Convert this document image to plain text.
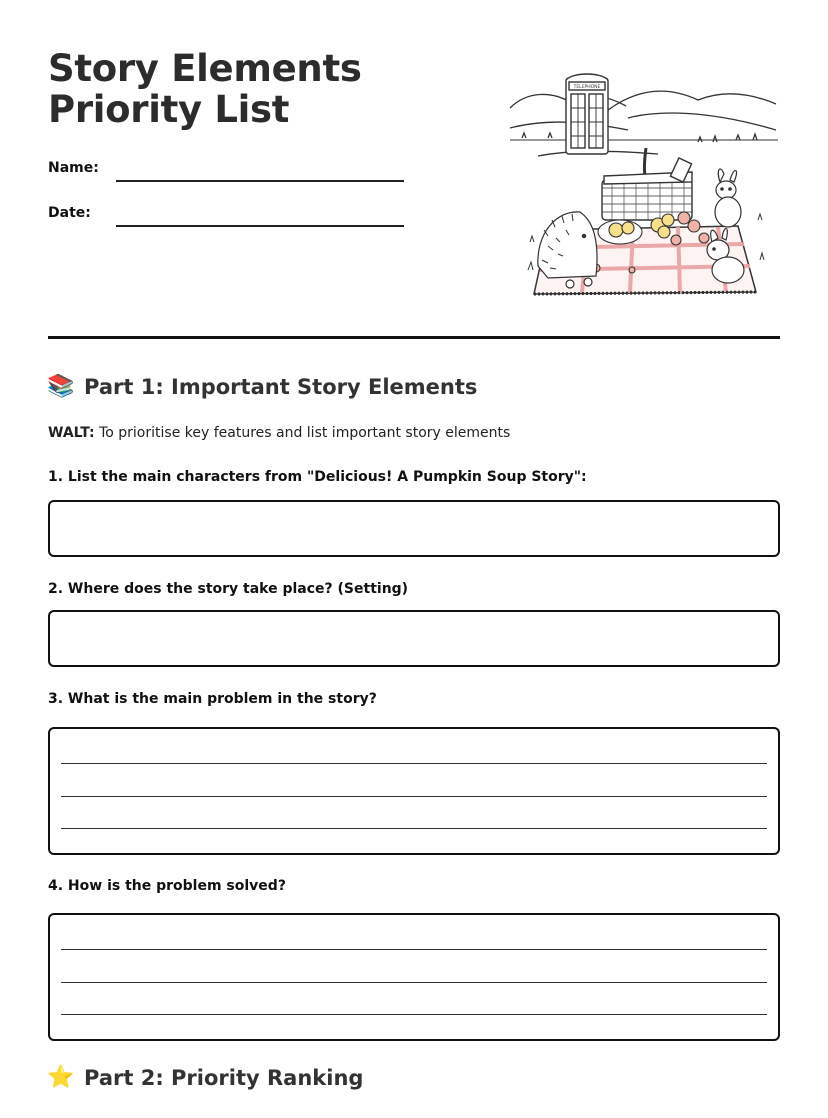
Story Elements Priority List
Name:
Date:
TELEPHONE
📚 Part 1: Important Story Elements
WALT: To prioritise key features and list important story elements
1. List the main characters from "Delicious! A Pumpkin Soup Story":
2. Where does the story take place? (Setting)
3. What is the main problem in the story?
4. How is the problem solved?
⭐ Part 2: Priority Ranking
